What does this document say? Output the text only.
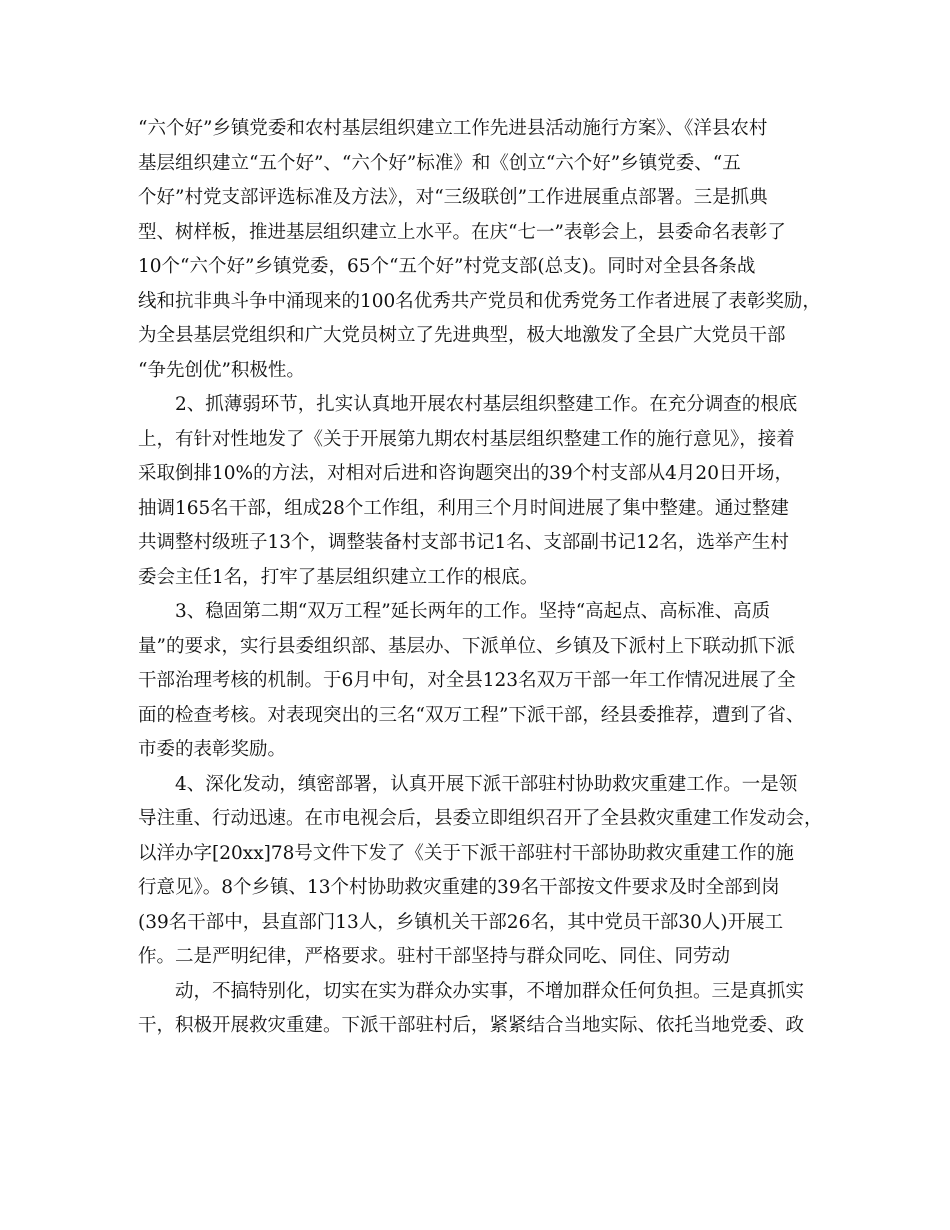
“六个好”乡镇党委和农村基层组织建立工作先进县活动施行方案》、《洋县农村
基层组织建立“五个好”、“六个好”标准》和《创立“六个好”乡镇党委、“五
个好”村党支部评选标准及方法》，对“三级联创”工作进展重点部署。三是抓典
型、树样板，推进基层组织建立上水平。在庆“七一”表彰会上，县委命名表彰了
10个“六个好”乡镇党委，65个“五个好”村党支部(总支)。同时对全县各条战
线和抗非典斗争中涌现来的100名优秀共产党员和优秀党务工作者进展了表彰奖励，
为全县基层党组织和广大党员树立了先进典型，极大地激发了全县广大党员干部
“争先创优”积极性。
2、抓薄弱环节，扎实认真地开展农村基层组织整建工作。在充分调查的根底
上，有针对性地发了《关于开展第九期农村基层组织整建工作的施行意见》，接着
采取倒排10%的方法，对相对后进和咨询题突出的39个村支部从4月20日开场，
抽调165名干部，组成28个工作组，利用三个月时间进展了集中整建。通过整建
共调整村级班子13个，调整装备村支部书记1名、支部副书记12名，选举产生村
委会主任1名，打牢了基层组织建立工作的根底。
3、稳固第二期“双万工程”延长两年的工作。坚持“高起点、高标准、高质
量”的要求，实行县委组织部、基层办、下派单位、乡镇及下派村上下联动抓下派
干部治理考核的机制。于6月中旬，对全县123名双万干部一年工作情况进展了全
面的检查考核。对表现突出的三名“双万工程”下派干部，经县委推荐，遭到了省、
市委的表彰奖励。
4、深化发动，缜密部署，认真开展下派干部驻村协助救灾重建工作。一是领
导注重、行动迅速。在市电视会后，县委立即组织召开了全县救灾重建工作发动会，
以洋办字[20xx]78号文件下发了《关于下派干部驻村干部协助救灾重建工作的施
行意见》。8个乡镇、13个村协助救灾重建的39名干部按文件要求及时全部到岗
(39名干部中，县直部门13人，乡镇机关干部26名，其中党员干部30人)开展工
作。二是严明纪律，严格要求。驻村干部坚持与群众同吃、同住、同劳动
动，不搞特别化，切实在实为群众办实事，不增加群众任何负担。三是真抓实
干，积极开展救灾重建。下派干部驻村后，紧紧结合当地实际、依托当地党委、政
